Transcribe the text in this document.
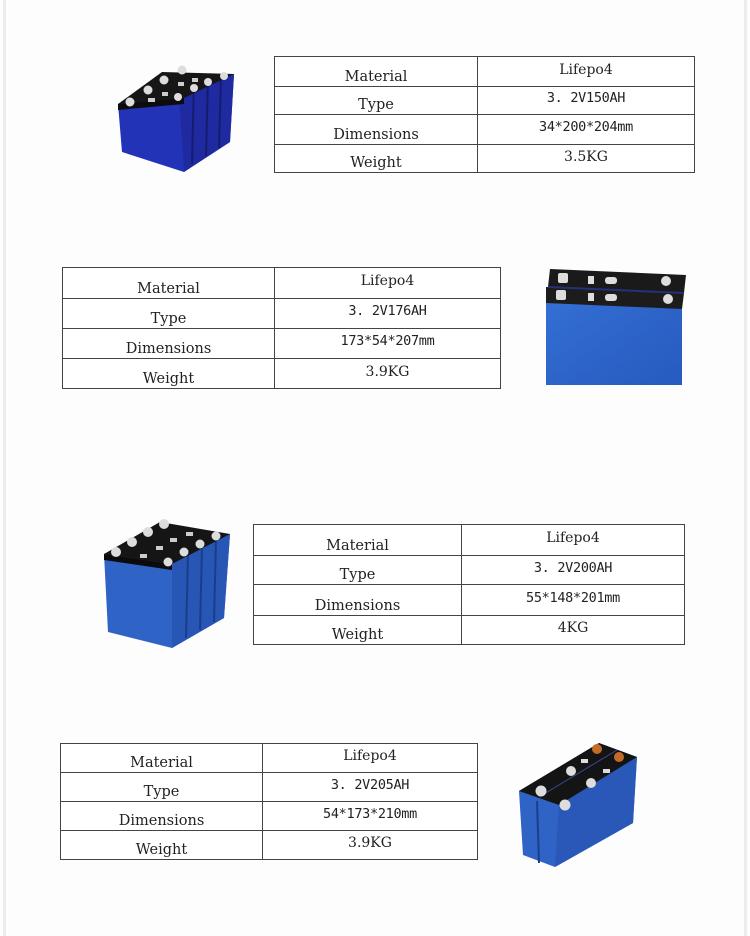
Material	Lifepo4
Type	3. 2V150AH
Dimensions	34*200*204mm
Weight	3.5KG
Material	Lifepo4
Type	3. 2V176AH
Dimensions	173*54*207mm
Weight	3.9KG
Material	Lifepo4
Type	3. 2V200AH
Dimensions	55*148*201mm
Weight	4KG
Material	Lifepo4
Type	3. 2V205AH
Dimensions	54*173*210mm
Weight	3.9KG
